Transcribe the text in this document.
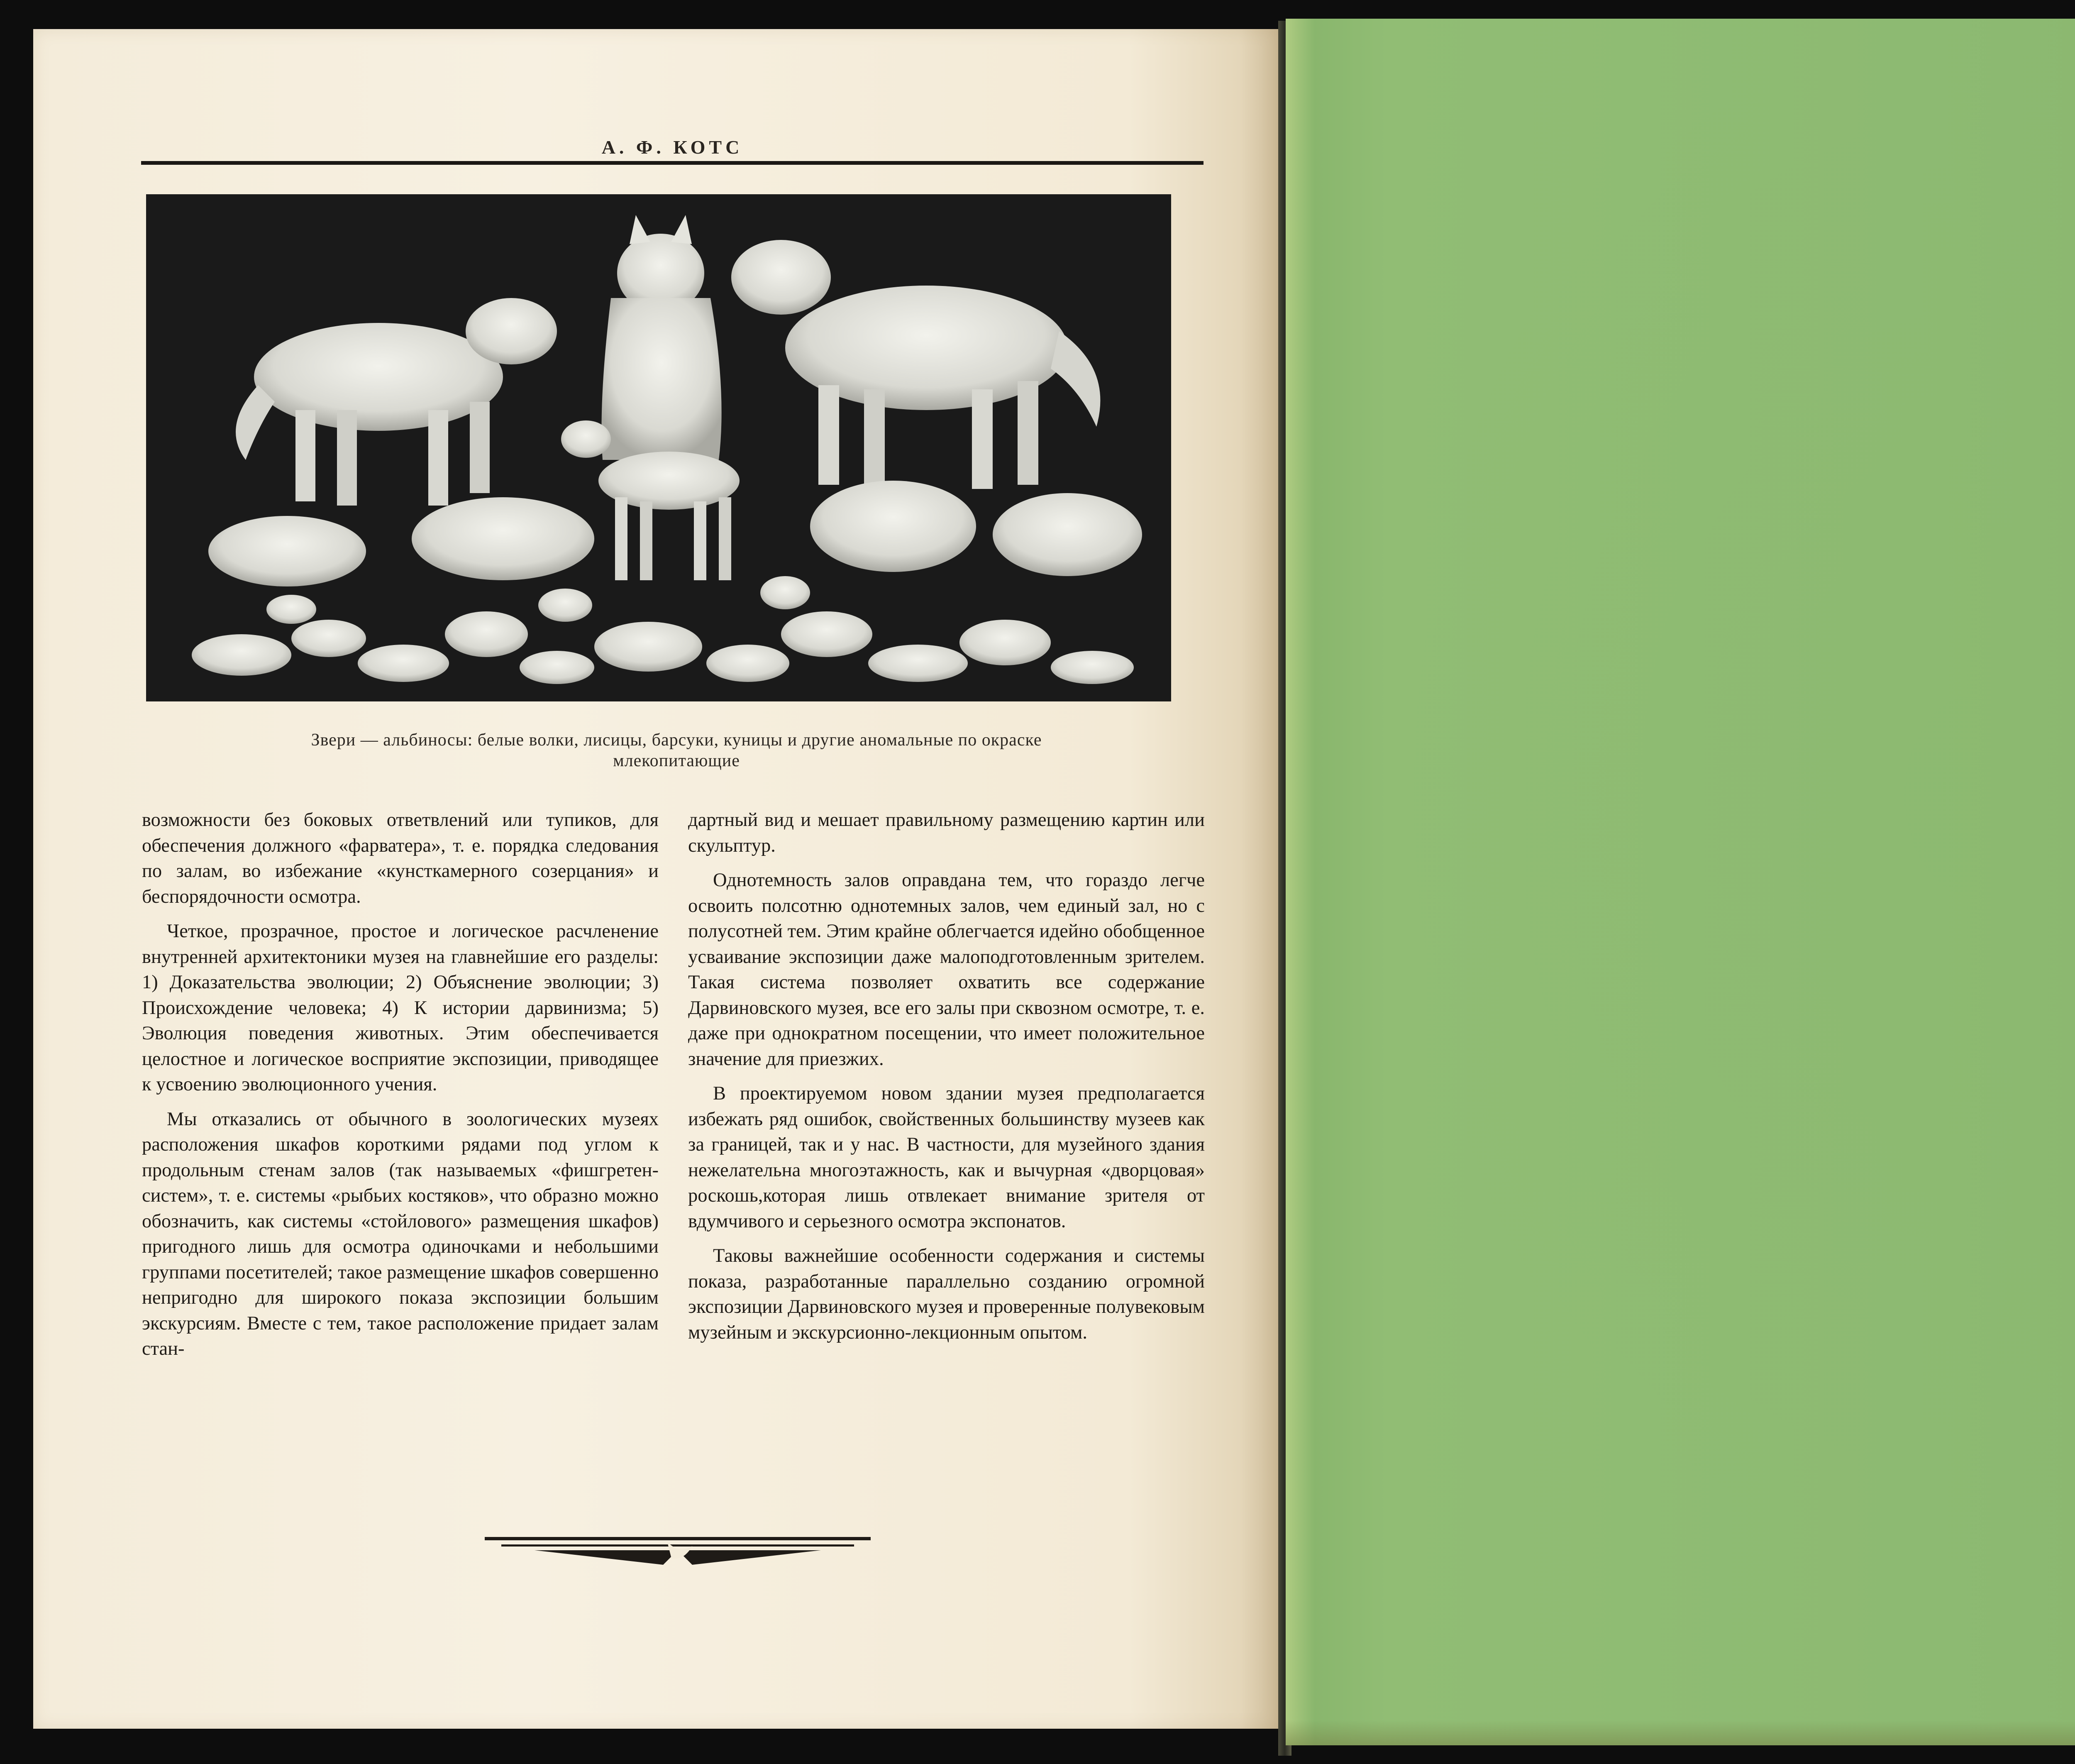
А. Ф. КОТС
Звери — альбиносы: белые волки, лисицы, барсуки, куницы и другие аномальные по окраске
млекопитающие

возможности без боковых ответвлений или тупиков, для обеспечения должного «фарватера», т. е. порядка следования по залам, во избежание «кунсткамерного созерцания» и беспорядочности осмотра.

Четкое, прозрачное, простое и логическое расчленение внутренней архитектоники музея на главнейшие его разделы: 1) Доказательства эволюции; 2) Объяснение эволюции; 3) Происхождение человека; 4) К истории дарвинизма; 5) Эволюция поведения животных. Этим обеспечивается целостное и логическое восприятие экспозиции, приводящее к усвоению эволюционного учения.

Мы отказались от обычного в зоологических музеях расположения шкафов короткими рядами под углом к продольным стенам залов (так называемых «фишгретен-систем», т. е. системы «рыбьих костяков», что образно можно обозначить, как системы «стойлового» размещения шкафов) пригодного лишь для осмотра одиночками и небольшими группами посетителей; такое размещение шкафов совершенно непригодно для широкого показа экспозиции большим экскурсиям. Вместе с тем, такое расположение придает залам стан-

дартный вид и мешает правильному размещению картин или скульптур.

Однотемность залов оправдана тем, что гораздо легче освоить полсотню однотемных залов, чем единый зал, но с полусотней тем. Этим крайне облегчается идейно обобщенное усваивание экспозиции даже малоподготовленным зрителем. Такая система позволяет охватить все содержание Дарвиновского музея, все его залы при сквозном осмотре, т. е. даже при однократном посещении, что имеет положительное значение для приезжих.

В проектируемом новом здании музея предполагается избежать ряд ошибок, свойственных большинству музеев как за границей, так и у нас. В частности, для музейного здания нежелательна многоэтажность, как и вычурная «дворцовая» роскошь,которая лишь отвлекает внимание зрителя от вдумчивого и серьезного осмотра экспонатов.

Таковы важнейшие особенности содержания и системы показа, разработанные параллельно созданию огромной экспозиции Дарвиновского музея и проверенные полувековым музейным и экскурсионно-лекционным опытом.
